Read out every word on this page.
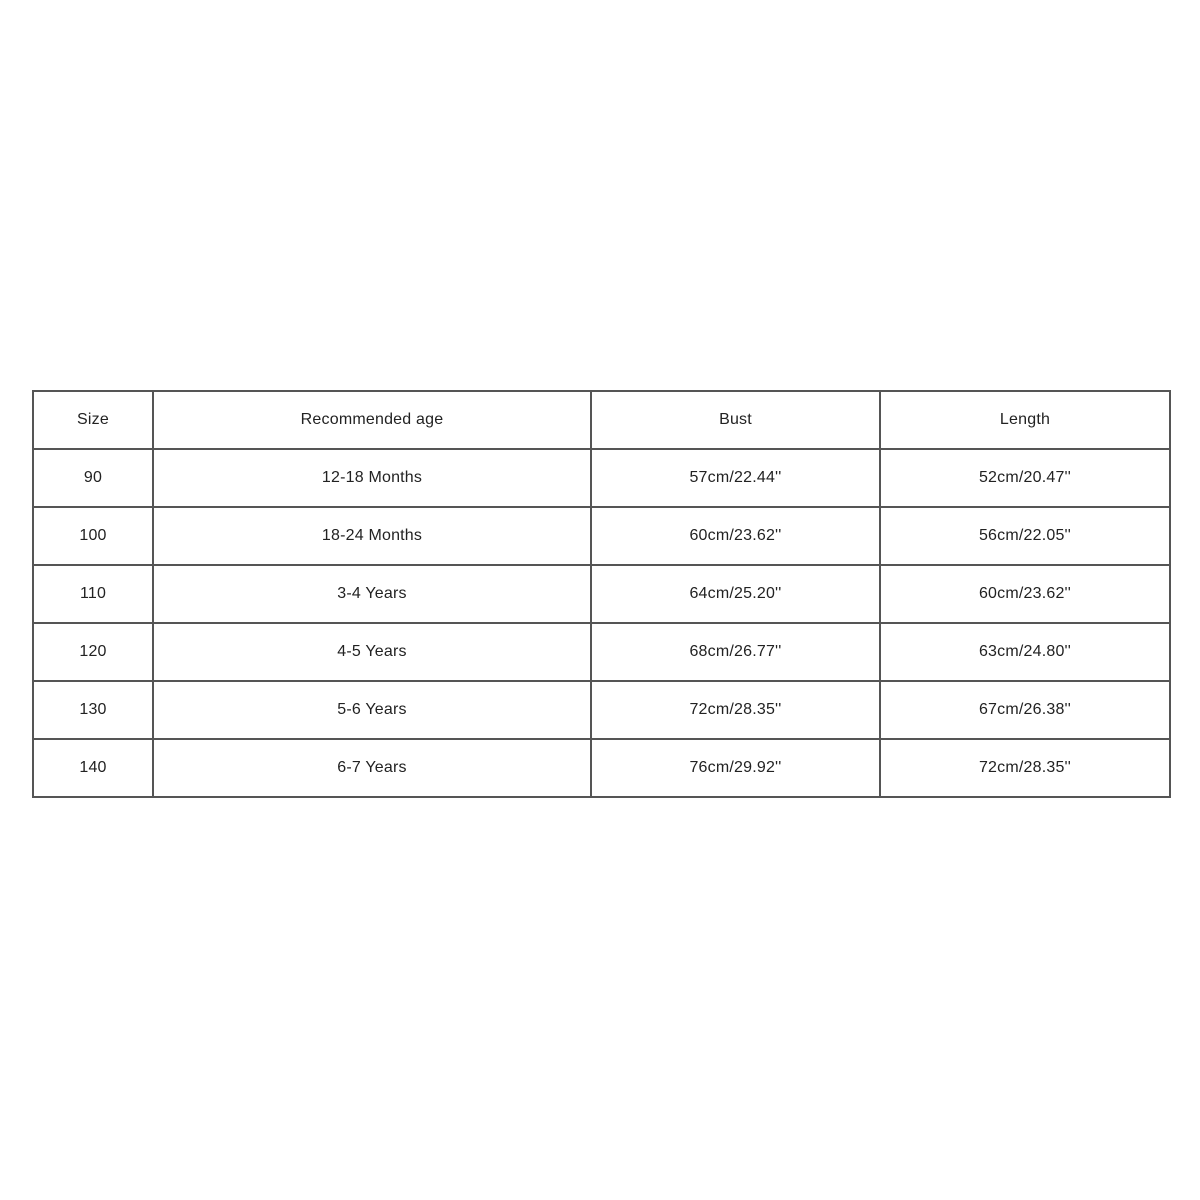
Size	Recommended age	Bust	Length
90	12-18 Months	57cm/22.44''	52cm/20.47''
100	18-24 Months	60cm/23.62''	56cm/22.05''
110	3-4 Years	64cm/25.20''	60cm/23.62''
120	4-5 Years	68cm/26.77''	63cm/24.80''
130	5-6 Years	72cm/28.35''	67cm/26.38''
140	6-7 Years	76cm/29.92''	72cm/28.35''
